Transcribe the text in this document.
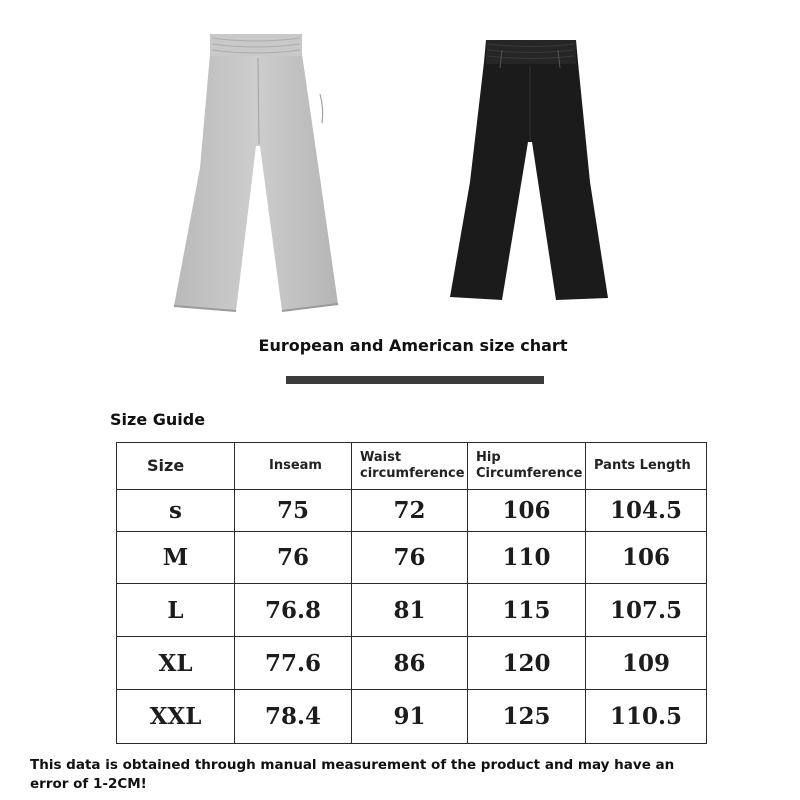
European and American size chart
Size Guide
Size	Inseam	Waist circumference	Hip Circumference	Pants Length
s	75	72	106	104.5
M	76	76	110	106
L	76.8	81	115	107.5
XL	77.6	86	120	109
XXL	78.4	91	125	110.5
This data is obtained through manual measurement of the product and may have an error of 1-2CM!
